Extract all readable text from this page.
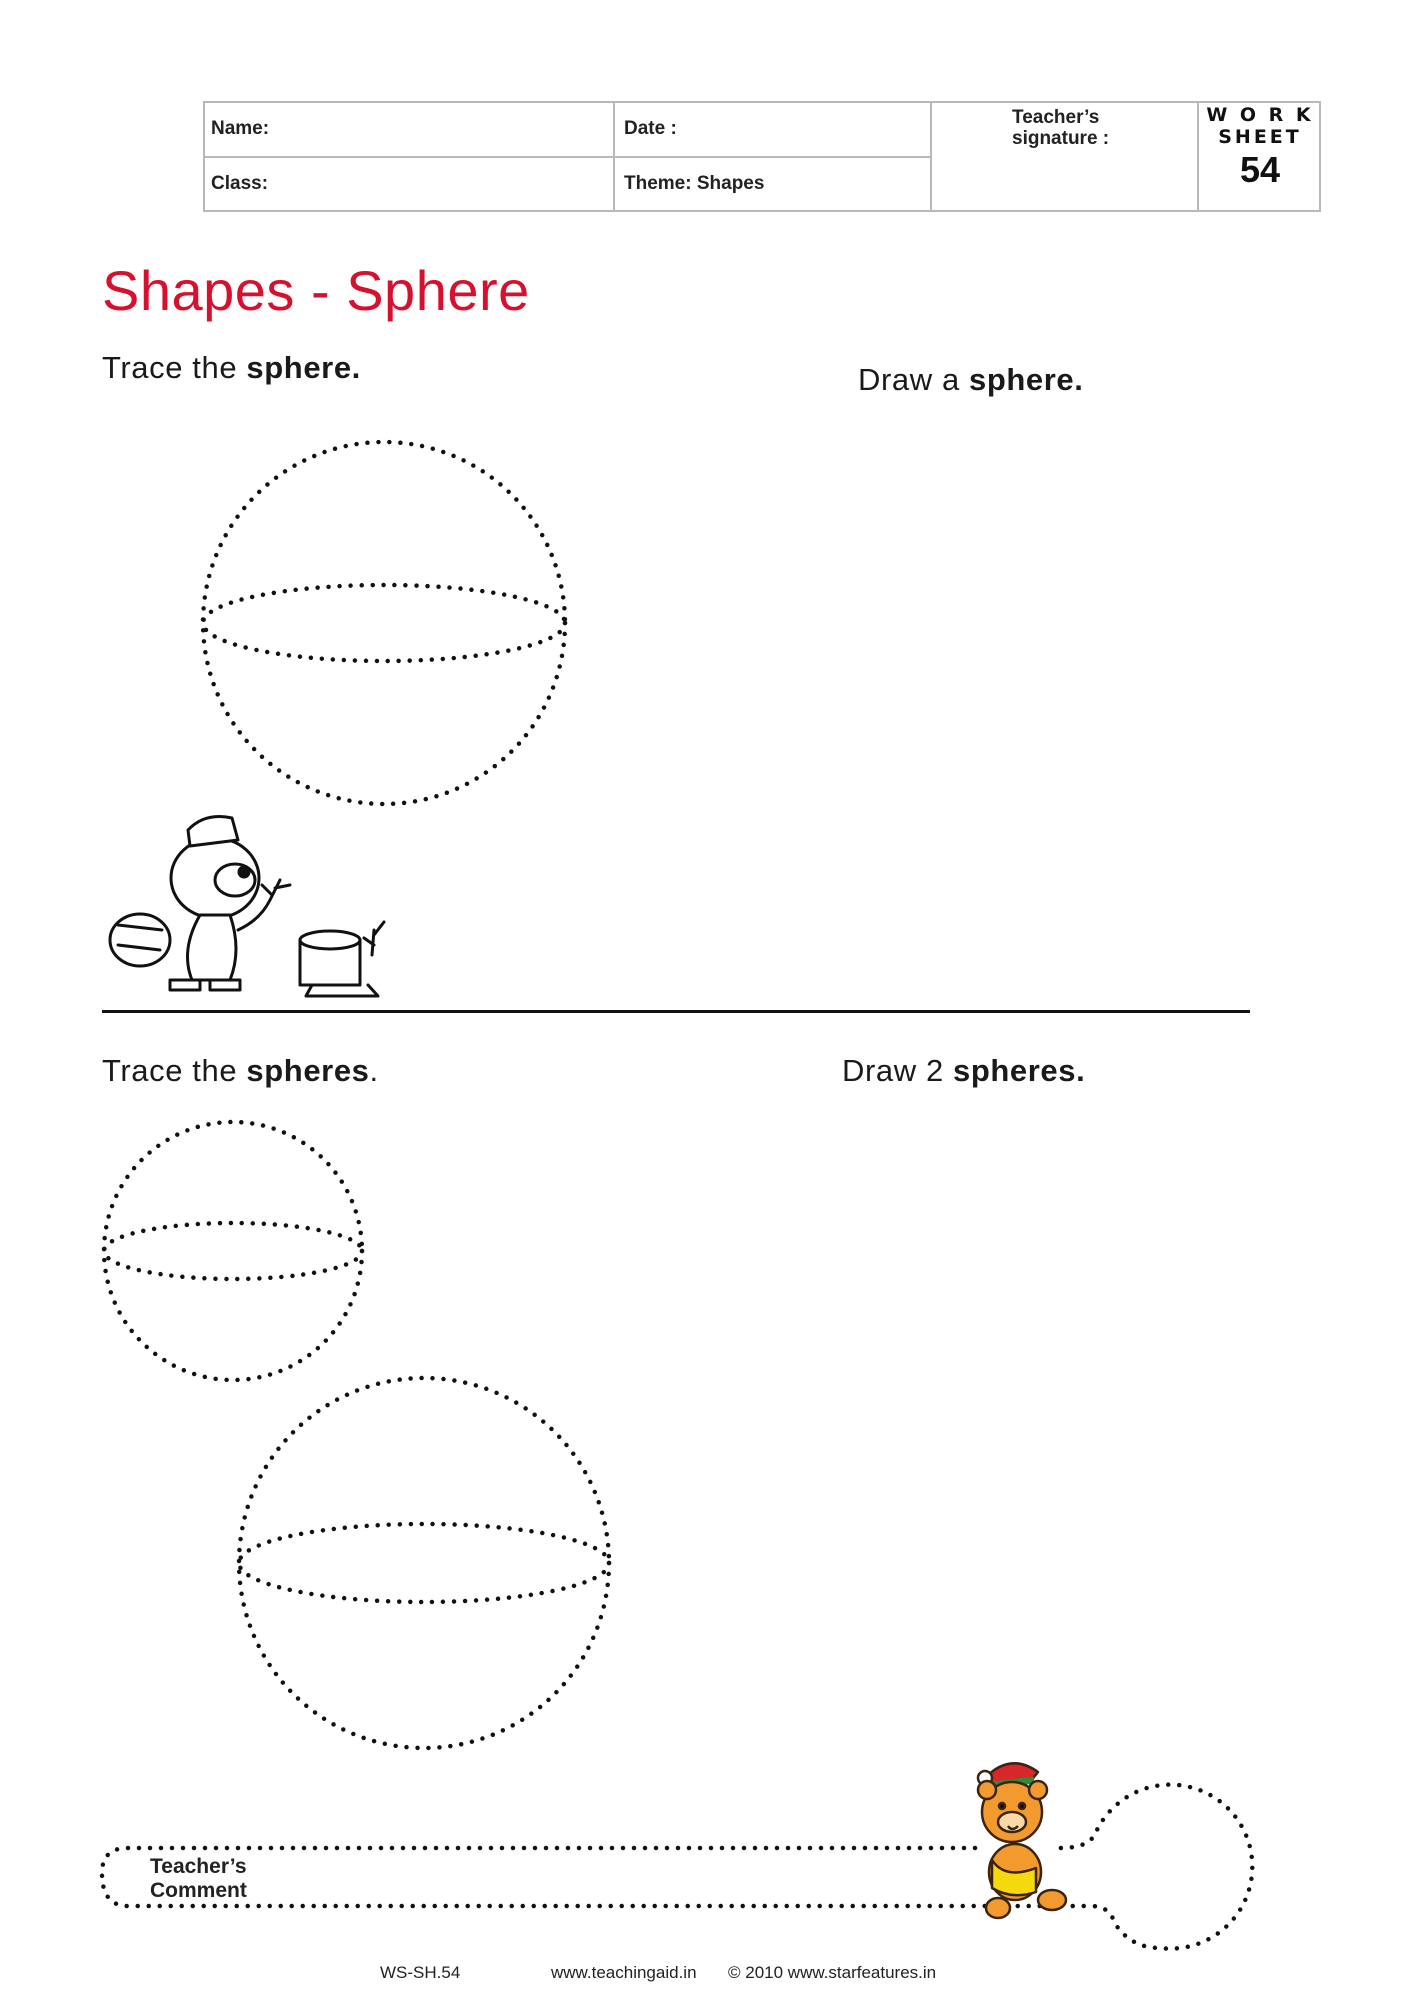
Name:	Date :
Teacher’s
signature :
Class:	Theme: Shapes
W O R K
SHEET
54
Shapes - Sphere
Trace the sphere.	Draw a sphere.
Trace the spheres.	Draw 2 spheres.
Teacher’s
Comment
WS-SH.54	www.teachingaid.in © 2010 www.starfeatures.in
